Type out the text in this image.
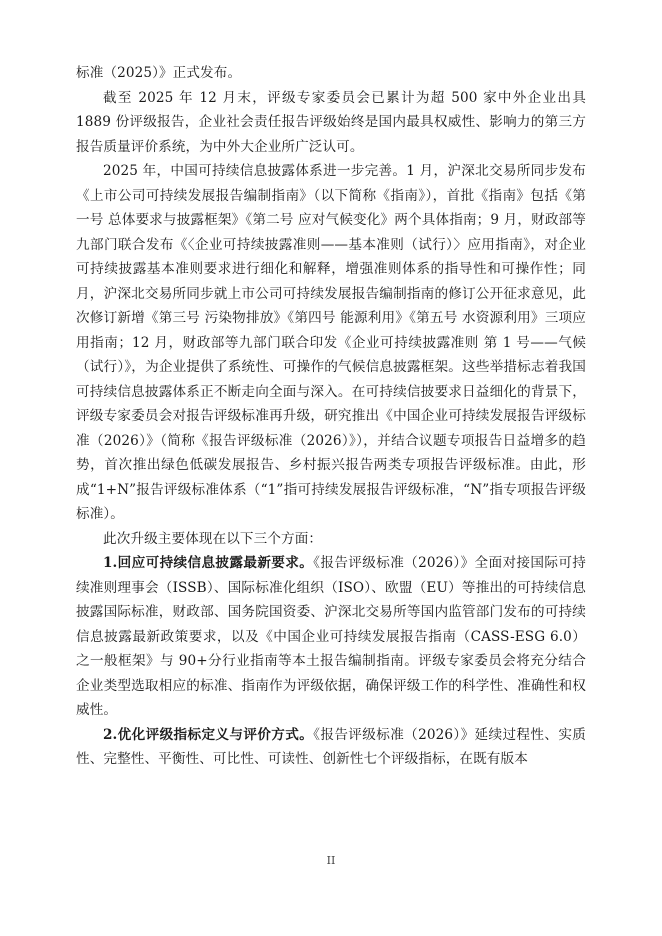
标准（2025）》正式发布。

截至 2025 年 12 月末，评级专家委员会已累计为超 500 家中外企业出具 1889 份评级报告，企业社会责任报告评级始终是国内最具权威性、影响力的第三方报告质量评价系统，为中外大企业所广泛认可。

2025 年，中国可持续信息披露体系进一步完善。1 月，沪深北交易所同步发布《上市公司可持续发展报告编制指南》（以下简称《指南》），首批《指南》包括《第一号 总体要求与披露框架》《第二号 应对气候变化》两个具体指南；9 月，财政部等九部门联合发布《〈企业可持续披露准则——基本准则（试行）〉应用指南》，对企业可持续披露基本准则要求进行细化和解释，增强准则体系的指导性和可操作性；同月，沪深北交易所同步就上市公司可持续发展报告编制指南的修订公开征求意见，此次修订新增《第三号 污染物排放》《第四号 能源利用》《第五号 水资源利用》三项应用指南；12 月，财政部等九部门联合印发《企业可持续披露准则 第 1 号——气候（试行）》，为企业提供了系统性、可操作的气候信息披露框架。这些举措标志着我国可持续信息披露体系正不断走向全面与深入。在可持续信披要求日益细化的背景下，评级专家委员会对报告评级标准再升级，研究推出《中国企业可持续发展报告评级标准（2026）》（简称《报告评级标准（2026）》），并结合议题专项报告日益增多的趋势，首次推出绿色低碳发展报告、乡村振兴报告两类专项报告评级标准。由此，形成“1+N”报告评级标准体系（“1”指可持续发展报告评级标准，“N”指专项报告评级标准）。

此次升级主要体现在以下三个方面：

1.回应可持续信息披露最新要求。《报告评级标准（2026）》全面对接国际可持续准则理事会（ISSB）、国际标准化组织（ISO）、欧盟（EU）等推出的可持续信息披露国际标准，财政部、国务院国资委、沪深北交易所等国内监管部门发布的可持续信息披露最新政策要求，以及《中国企业可持续发展报告指南（CASS-ESG 6.0）之一般框架》与 90+分行业指南等本土报告编制指南。评级专家委员会将充分结合企业类型选取相应的标准、指南作为评级依据，确保评级工作的科学性、准确性和权威性。

2.优化评级指标定义与评价方式。《报告评级标准（2026）》延续过程性、实质性、完整性、平衡性、可比性、可读性、创新性七个评级指标，在既有版本

II
